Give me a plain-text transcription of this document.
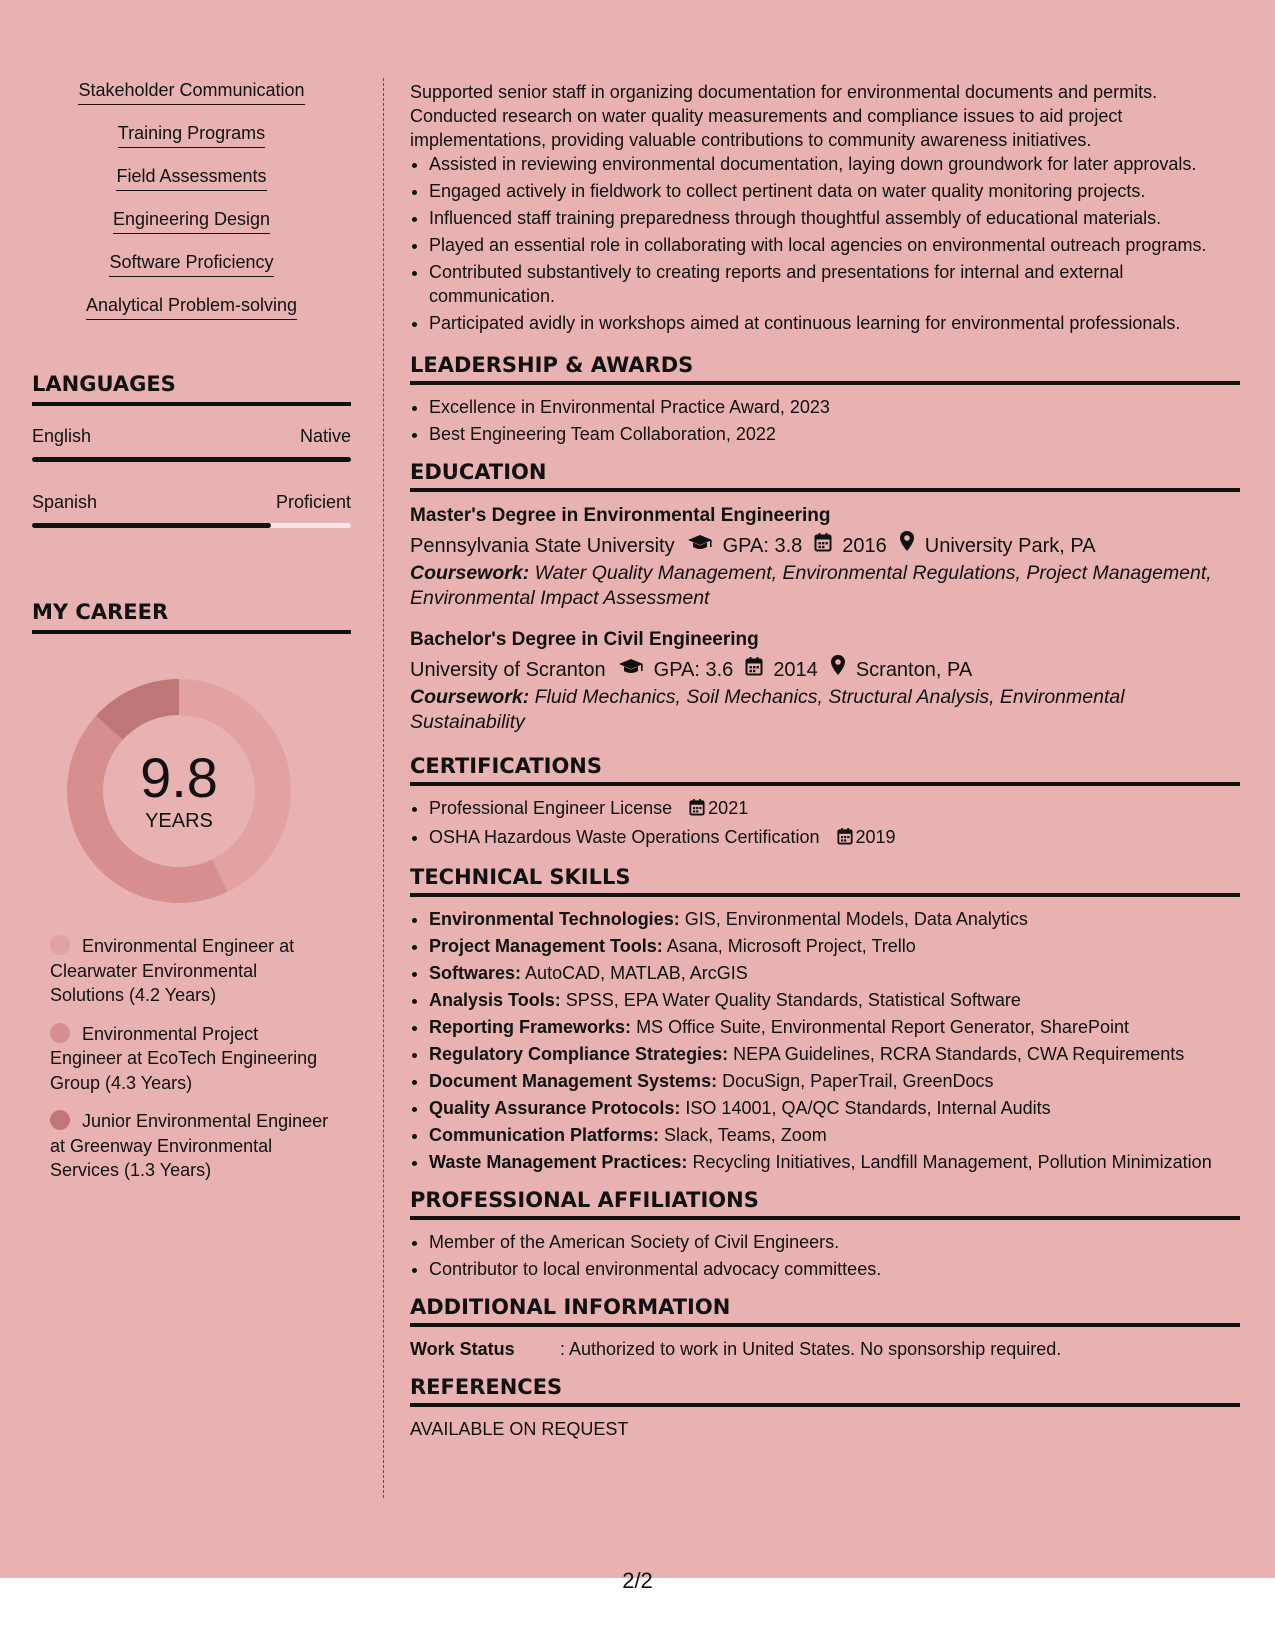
Stakeholder Communication
Training Programs
Field Assessments
Engineering Design
Software Proficiency
Analytical Problem-solving
LANGUAGES
English	Native
Spanish	Proficient
MY CAREER
9.8
YEARS
Environmental Engineer at Clearwater Environmental Solutions (4.2 Years)
Environmental Project Engineer at EcoTech Engineering Group (4.3 Years)
Junior Environmental Engineer at Greenway Environmental Services (1.3 Years)

Supported senior staff in organizing documentation for environmental documents and permits. Conducted research on water quality measurements and compliance issues to aid project implementations, providing valuable contributions to community awareness initiatives.

• Assisted in reviewing environmental documentation, laying down groundwork for later approvals.
• Engaged actively in fieldwork to collect pertinent data on water quality monitoring projects.
• Influenced staff training preparedness through thoughtful assembly of educational materials.
• Played an essential role in collaborating with local agencies on environmental outreach programs.
• Contributed substantively to creating reports and presentations for internal and external communication.
• Participated avidly in workshops aimed at continuous learning for environmental professionals.
LEADERSHIP & AWARDS
• Excellence in Environmental Practice Award, 2023
• Best Engineering Team Collaboration, 2022
EDUCATION
Master's Degree in Environmental Engineering
Pennsylvania State University GPA: 3.8 2016 University Park, PA
Coursework: Water Quality Management, Environmental Regulations, Project Management, Environmental Impact Assessment
Bachelor's Degree in Civil Engineering
University of Scranton GPA: 3.6 2014 Scranton, PA
Coursework: Fluid Mechanics, Soil Mechanics, Structural Analysis, Environmental Sustainability
CERTIFICATIONS
• Professional Engineer License 2021
• OSHA Hazardous Waste Operations Certification 2019
TECHNICAL SKILLS
• Environmental Technologies: GIS, Environmental Models, Data Analytics
• Project Management Tools: Asana, Microsoft Project, Trello
• Softwares: AutoCAD, MATLAB, ArcGIS
• Analysis Tools: SPSS, EPA Water Quality Standards, Statistical Software
• Reporting Frameworks: MS Office Suite, Environmental Report Generator, SharePoint
• Regulatory Compliance Strategies: NEPA Guidelines, RCRA Standards, CWA Requirements
• Document Management Systems: DocuSign, PaperTrail, GreenDocs
• Quality Assurance Protocols: ISO 14001, QA/QC Standards, Internal Audits
• Communication Platforms: Slack, Teams, Zoom
• Waste Management Practices: Recycling Initiatives, Landfill Management, Pollution Minimization
PROFESSIONAL AFFILIATIONS
• Member of the American Society of Civil Engineers.
• Contributor to local environmental advocacy committees.
ADDITIONAL INFORMATION
Work Status	: Authorized to work in United States. No sponsorship required.
REFERENCES
AVAILABLE ON REQUEST
2/2
